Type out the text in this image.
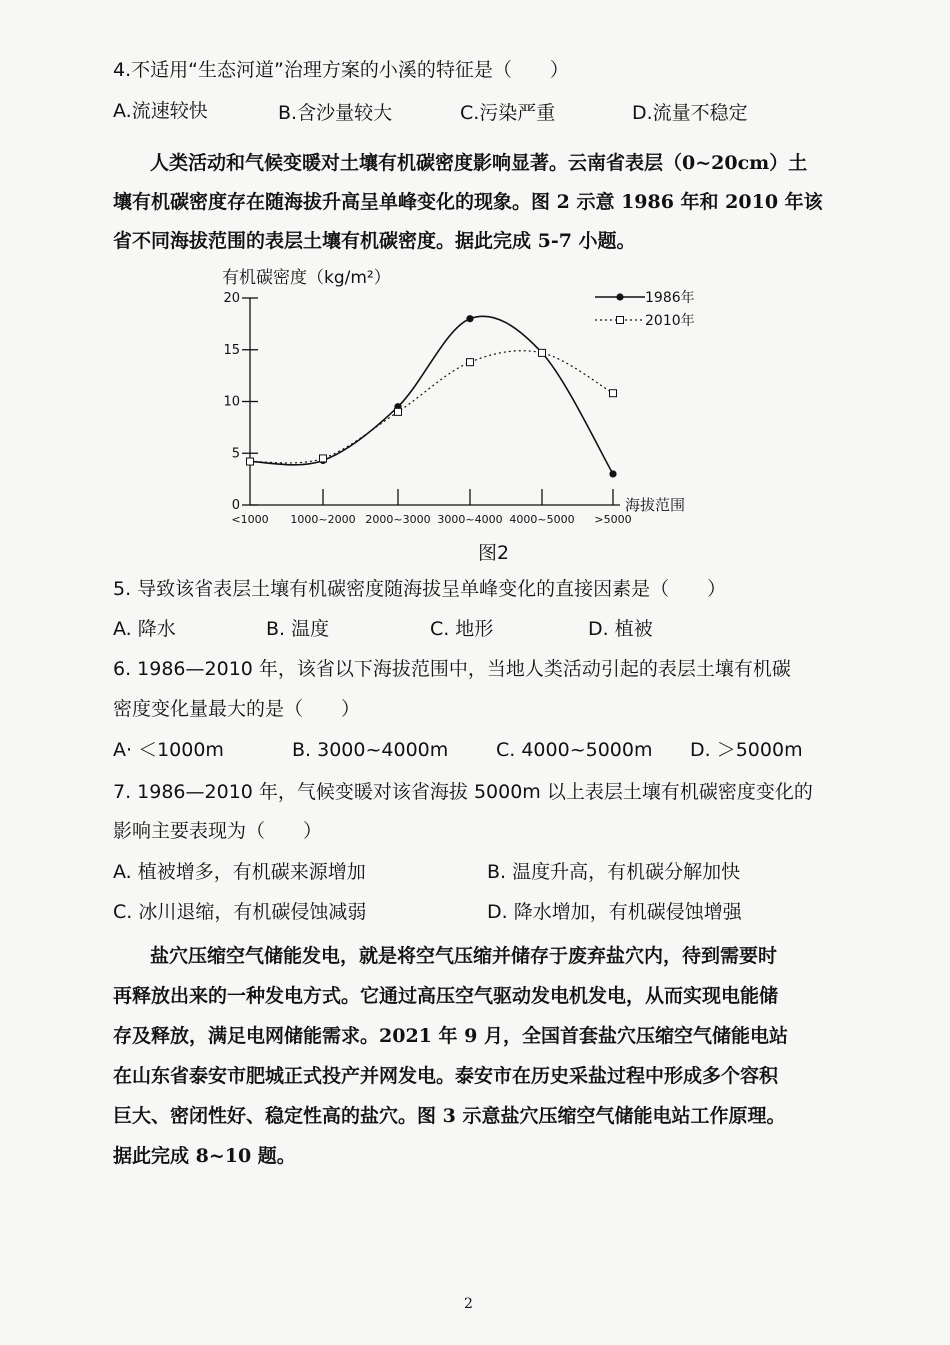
4.不适用“生态河道”治理方案的小溪的特征是（　　）
A.流速较快	B.含沙量较大	C.污染严重	D.流量不稳定
人类活动和气候变暖对土壤有机碳密度影响显著。云南省表层（0~20cm）土
壤有机碳密度存在随海拔升高呈单峰变化的现象。图 2 示意 1986 年和 2010 年该
省不同海拔范围的表层土壤有机碳密度。据此完成 5-7 小题。
有机碳密度（kg/m²）
海拔范围
0
5
10
15
20
<1000 1000~2000 2000~3000 3000~4000 4000~5000 >5000
1986年
2010年
图2
5. 导致该省表层土壤有机碳密度随海拔呈单峰变化的直接因素是（　　）
A. 降水	B. 温度	C. 地形	D. 植被
6. 1986—2010 年，该省以下海拔范围中，当地人类活动引起的表层土壤有机碳
密度变化量最大的是（　　）
A· ＜1000m	B. 3000~4000m	C. 4000~5000m D. ＞5000m
7. 1986—2010 年，气候变暖对该省海拔 5000m 以上表层土壤有机碳密度变化的
影响主要表现为（　　）
A. 植被增多，有机碳来源增加	B. 温度升高，有机碳分解加快
C. 冰川退缩，有机碳侵蚀减弱	D. 降水增加，有机碳侵蚀增强
盐穴压缩空气储能发电，就是将空气压缩并储存于废弃盐穴内，待到需要时
再释放出来的一种发电方式。它通过高压空气驱动发电机发电，从而实现电能储
存及释放，满足电网储能需求。2021 年 9 月，全国首套盐穴压缩空气储能电站
在山东省泰安市肥城正式投产并网发电。泰安市在历史采盐过程中形成多个容积
巨大、密闭性好、稳定性高的盐穴。图 3 示意盐穴压缩空气储能电站工作原理。
据此完成 8~10 题。
2
